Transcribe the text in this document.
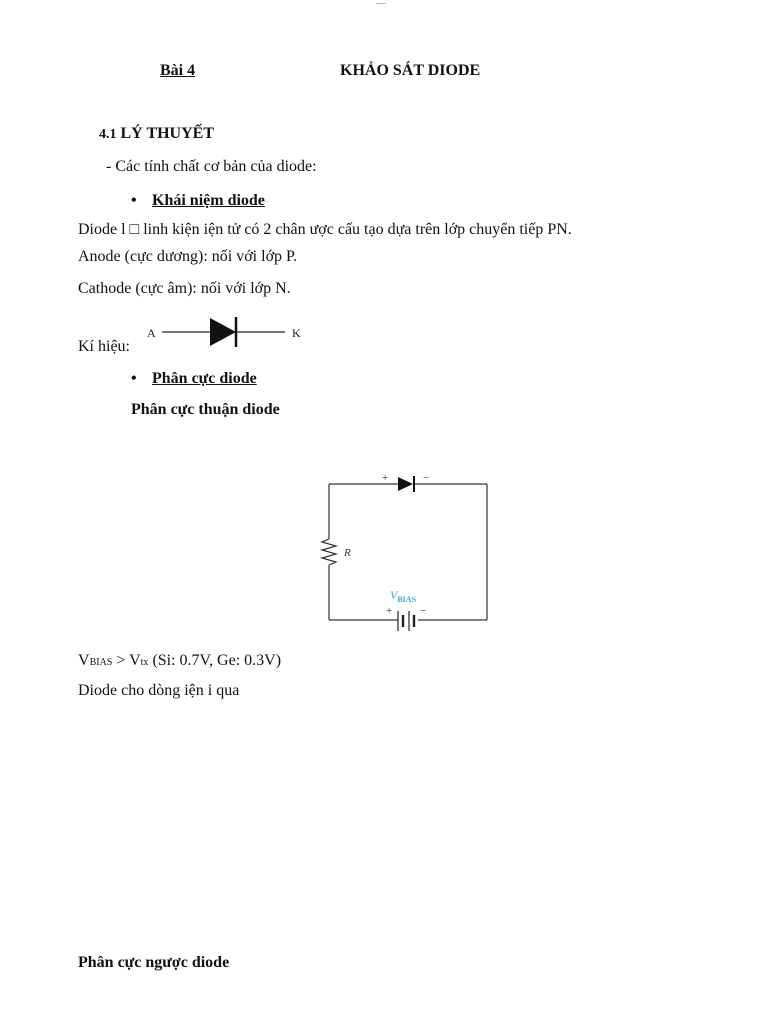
Bài 4	KHẢO SÁT DIODE
4.1 LÝ THUYẾT
- Các tính chất cơ bản của diode:
• Khái niệm diode
Diode l □ linh kiện iện tử có 2 chân ược cấu tạo dựa trên lớp chuyển tiếp PN.
Anode (cực dương): nối với lớp P.
Cathode (cực âm): nối với lớp N.
Kí hiệu:
A	K
• Phân cực diode
Phân cực thuận diode
+	−
R
$V_{BIAS}$
+	−
VBIAS > Vtx (Si: 0.7V, Ge: 0.3V)
Diode cho dòng iện i qua
Phân cực ngược diode
